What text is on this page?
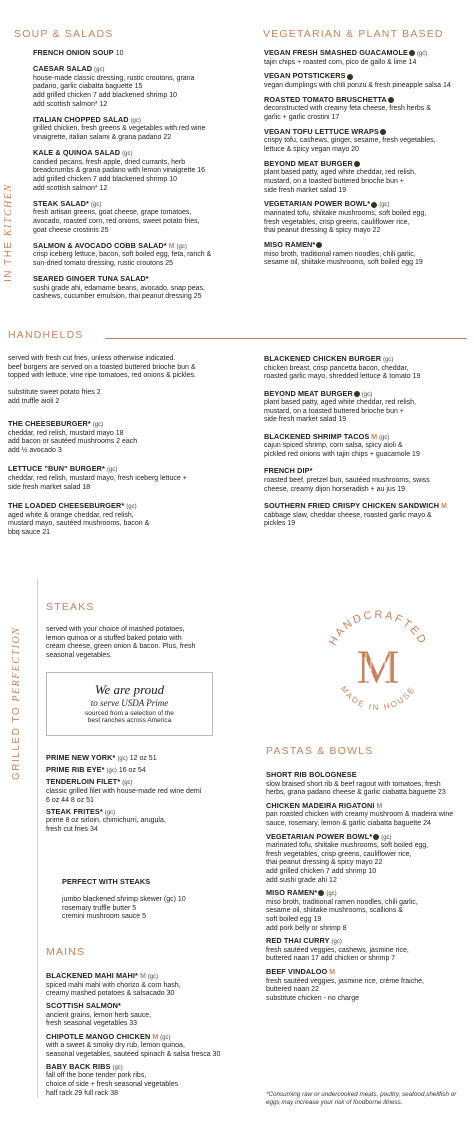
SOUP & SALADS
FRENCH ONION SOUP 10
CAESAR SALAD (gc)
house-made classic dressing, rustic croutons, grana
padano, garlic ciabatta baguette 15
add grilled chicken 7 add blackened shrimp 10
add scottish salmon* 12
ITALIAN CHOPPED SALAD (gc)
grilled chicken, fresh greens & vegetables with red wine
vinaigrette, italian salami & grana padano 22
KALE & QUINOA SALAD (gc)
candied pecans, fresh apple, dried currants, herb
breadcrumbs & grana padano with lemon vinaigrette 16
add grilled chicken 7 add blackened shrimp 10
add scottish salmon* 12
STEAK SALAD* (gc)
fresh artisan greens, goat cheese, grape tomatoes,
avocado, roasted corn, red onions, sweet potato fries,
goat cheese crostinis 25
SALMON & AVOCADO COBB SALAD* M (gc)
crisp iceberg lettuce, bacon, soft boiled egg, feta, ranch &
sun-dried tomato dressing, rustic croutons 25
SEARED GINGER TUNA SALAD*
sushi grade ahi, edamame beans, avocado, snap peas,
cashews, cucumber emulsion, thai peanut dressing 25
VEGETARIAN & PLANT BASED
VEGAN FRESH SMASHED GUACAMOLE (gc)
tajin chips + roasted corn, pico de gallo & lime 14
VEGAN POTSTICKERS
vegan dumplings with chili ponzu & fresh pineapple salsa 14
ROASTED TOMATO BRUSCHETTA
deconstructed with creamy feta cheese, fresh herbs &
garlic + garlic crostini 17
VEGAN TOFU LETTUCE WRAPS
crispy tofu, cashews, ginger, sesame, fresh vegetables,
lettuce & spicy vegan mayo 20
BEYOND MEAT BURGER
plant based patty, aged white cheddar, red relish,
mustard, on a toasted buttered brioche bun +
side fresh market salad 19
VEGETARIAN POWER BOWL* (gc)
marinated tofu, shiitake mushrooms, soft boiled egg,
fresh vegetables, crisp greens, cauliflower rice,
thai peanut dressing & spicy mayo 22
MISO RAMEN*
miso broth, traditional ramen noodles, chili garlic,
sesame oil, shiitake mushrooms, soft boiled egg 19
IN THE KITCHEN
HANDHELDS
served with fresh cut fries, unless otherwise indicated.
beef burgers are served on a toasted buttered brioche bun &
topped with lettuce, vine ripe tomatoes, red onions & pickles.

substitute sweet potato fries 2
add truffle aioli 2
THE CHEESEBURGER* (gc)
cheddar, red relish, mustard mayo 18
add bacon or sautéed mushrooms 2 each
add ½ avocado 3
LETTUCE "BUN" BURGER* (gc)
cheddar, red relish, mustard mayo, fresh iceberg lettuce +
side fresh market salad 18
THE LOADED CHEESEBURGER* (gc)
aged white & orange cheddar, red relish,
mustard mayo, sautéed mushrooms, bacon &
bbq sauce 21
BLACKENED CHICKEN BURGER (gc)
chicken breast, crisp pancetta bacon, cheddar,
roasted garlic mayo, shredded lettuce & tomato 19
BEYOND MEAT BURGER (gc)
plant based patty, aged white cheddar, red relish,
mustard, on a toasted buttered brioche bun +
side fresh market salad 19
BLACKENED SHRIMP TACOS M (gc)
cajun spiced shrimp, corn salsa, spicy aioli &
pickled red onions with tajin chips + guacamole 19
FRENCH DIP*
roasted beef, pretzel bun, sautéed mushrooms, swiss
cheese, creamy dijon horseradish + au jus 19
SOUTHERN FRIED CRISPY CHICKEN SANDWICH M
cabbage slaw, cheddar cheese, roasted garlic mayo &
pickles 19
GRILLED TO PERFECTION
STEAKS
served with your choice of mashed potatoes,
lemon quinoa or a stuffed baked potato with
cream cheese, green onion & bacon. Plus, fresh
seasonal vegetables.
We are proud
to serve USDA Prime
sourced from a selection of the
best ranches across America
PRIME NEW YORK* (gc) 12 oz 51
PRIME RIB EYE* (gc) 16 oz 54
TENDERLOIN FILET* (gc)
classic grilled filet with house-made red wine demi
6 oz 44 8 oz 51
STEAK FRITES* (gc)
prime 8 oz sirloin, chimichurri, arugula,
fresh cut fries 34
PERFECT WITH STEAKS

jumbo blackened shrimp skewer (gc) 10
rosemary truffle butter 5
cremini mushroom sauce 5
HANDCRAFTED
MADE IN HOUSE
M
PASTAS & BOWLS
SHORT RIB BOLOGNESE
slow braised short rib & beef ragout with tomatoes, fresh
herbs, grana padano cheese & garlic ciabatta baguette 23
CHICKEN MADEIRA RIGATONI M
pan roasted chicken with creamy mushroom & madeira wine
sauce, rosemary, lemon & garlic ciabatta baguette 24
VEGETARIAN POWER BOWL* (gc)
marinated tofu, shiitake mushrooms, soft boiled egg,
fresh vegetables, crisp greens, cauliflower rice,
thai peanut dressing & spicy mayo 22
add grilled chicken 7 add shrimp 10
add sushi grade ahi 12
MISO RAMEN* (gc)
miso broth, traditional ramen noodles, chili garlic,
sesame oil, shiitake mushrooms, scallions &
soft boiled egg 19
add pork belly or shrimp 8
RED THAI CURRY (gc)
fresh sautéed veggies, cashews, jasmine rice,
buttered naan 17 add chicken or shrimp 7
BEEF VINDALOO M
fresh sautéed veggies, jasmine rice, crème fraiche,
buttered naan 22
substitute chicken - no charge
*Consuming raw or undercooked meats, poultry, seafood,shellfish or eggs may increase your risk of foodborne illness.
MAINS
BLACKENED MAHI MAHI* M (gc)
spiced mahi mahi with chorizo & corn hash,
creamy mashed potatoes & salsacado 30
SCOTTISH SALMON*
ancient grains, lemon herb sauce,
fresh seasonal vegetables 33
CHIPOTLE MANGO CHICKEN M (gc)
with a sweet & smoky dry rub, lemon quinoa,
seasonal vegetables, sautéed spinach & salsa fresca 30
BABY BACK RIBS (gc)
fall off the bone tender pork ribs,
choice of side + fresh seasonal vegetables
half rack 29 full rack 38
